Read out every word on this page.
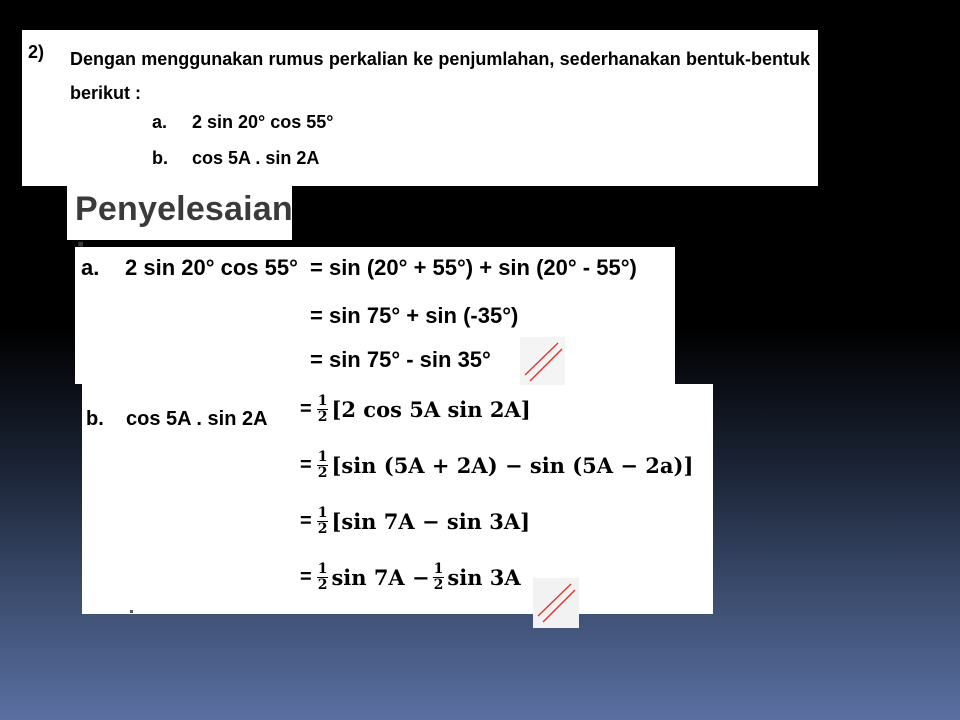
2) Dengan menggunakan rumus perkalian ke penjumlahan, sederhanakan bentuk-bentuk berikut :
a. 2 sin 20° cos 55°
b. cos 5A . sin 2A
Penyelesaian
a. 2 sin 20° cos 55° = sin (20° + 55°) + sin (20° - 55°)
= sin 75° + sin (-35°)
= sin 75° - sin 35°
b. cos 5A . $\sin 2A = \frac{1}{2} [2$ cos 5A sin 2A]
= $\frac{1}{2} [\sin$ (5A + 2A) − sin (5A − 2a)]
= $\frac{1}{2} [\sin$ 7A − sin 3A]
= $\frac{1}{2}$ $\sin 7A - \frac{1}{2}$ sin 3A
